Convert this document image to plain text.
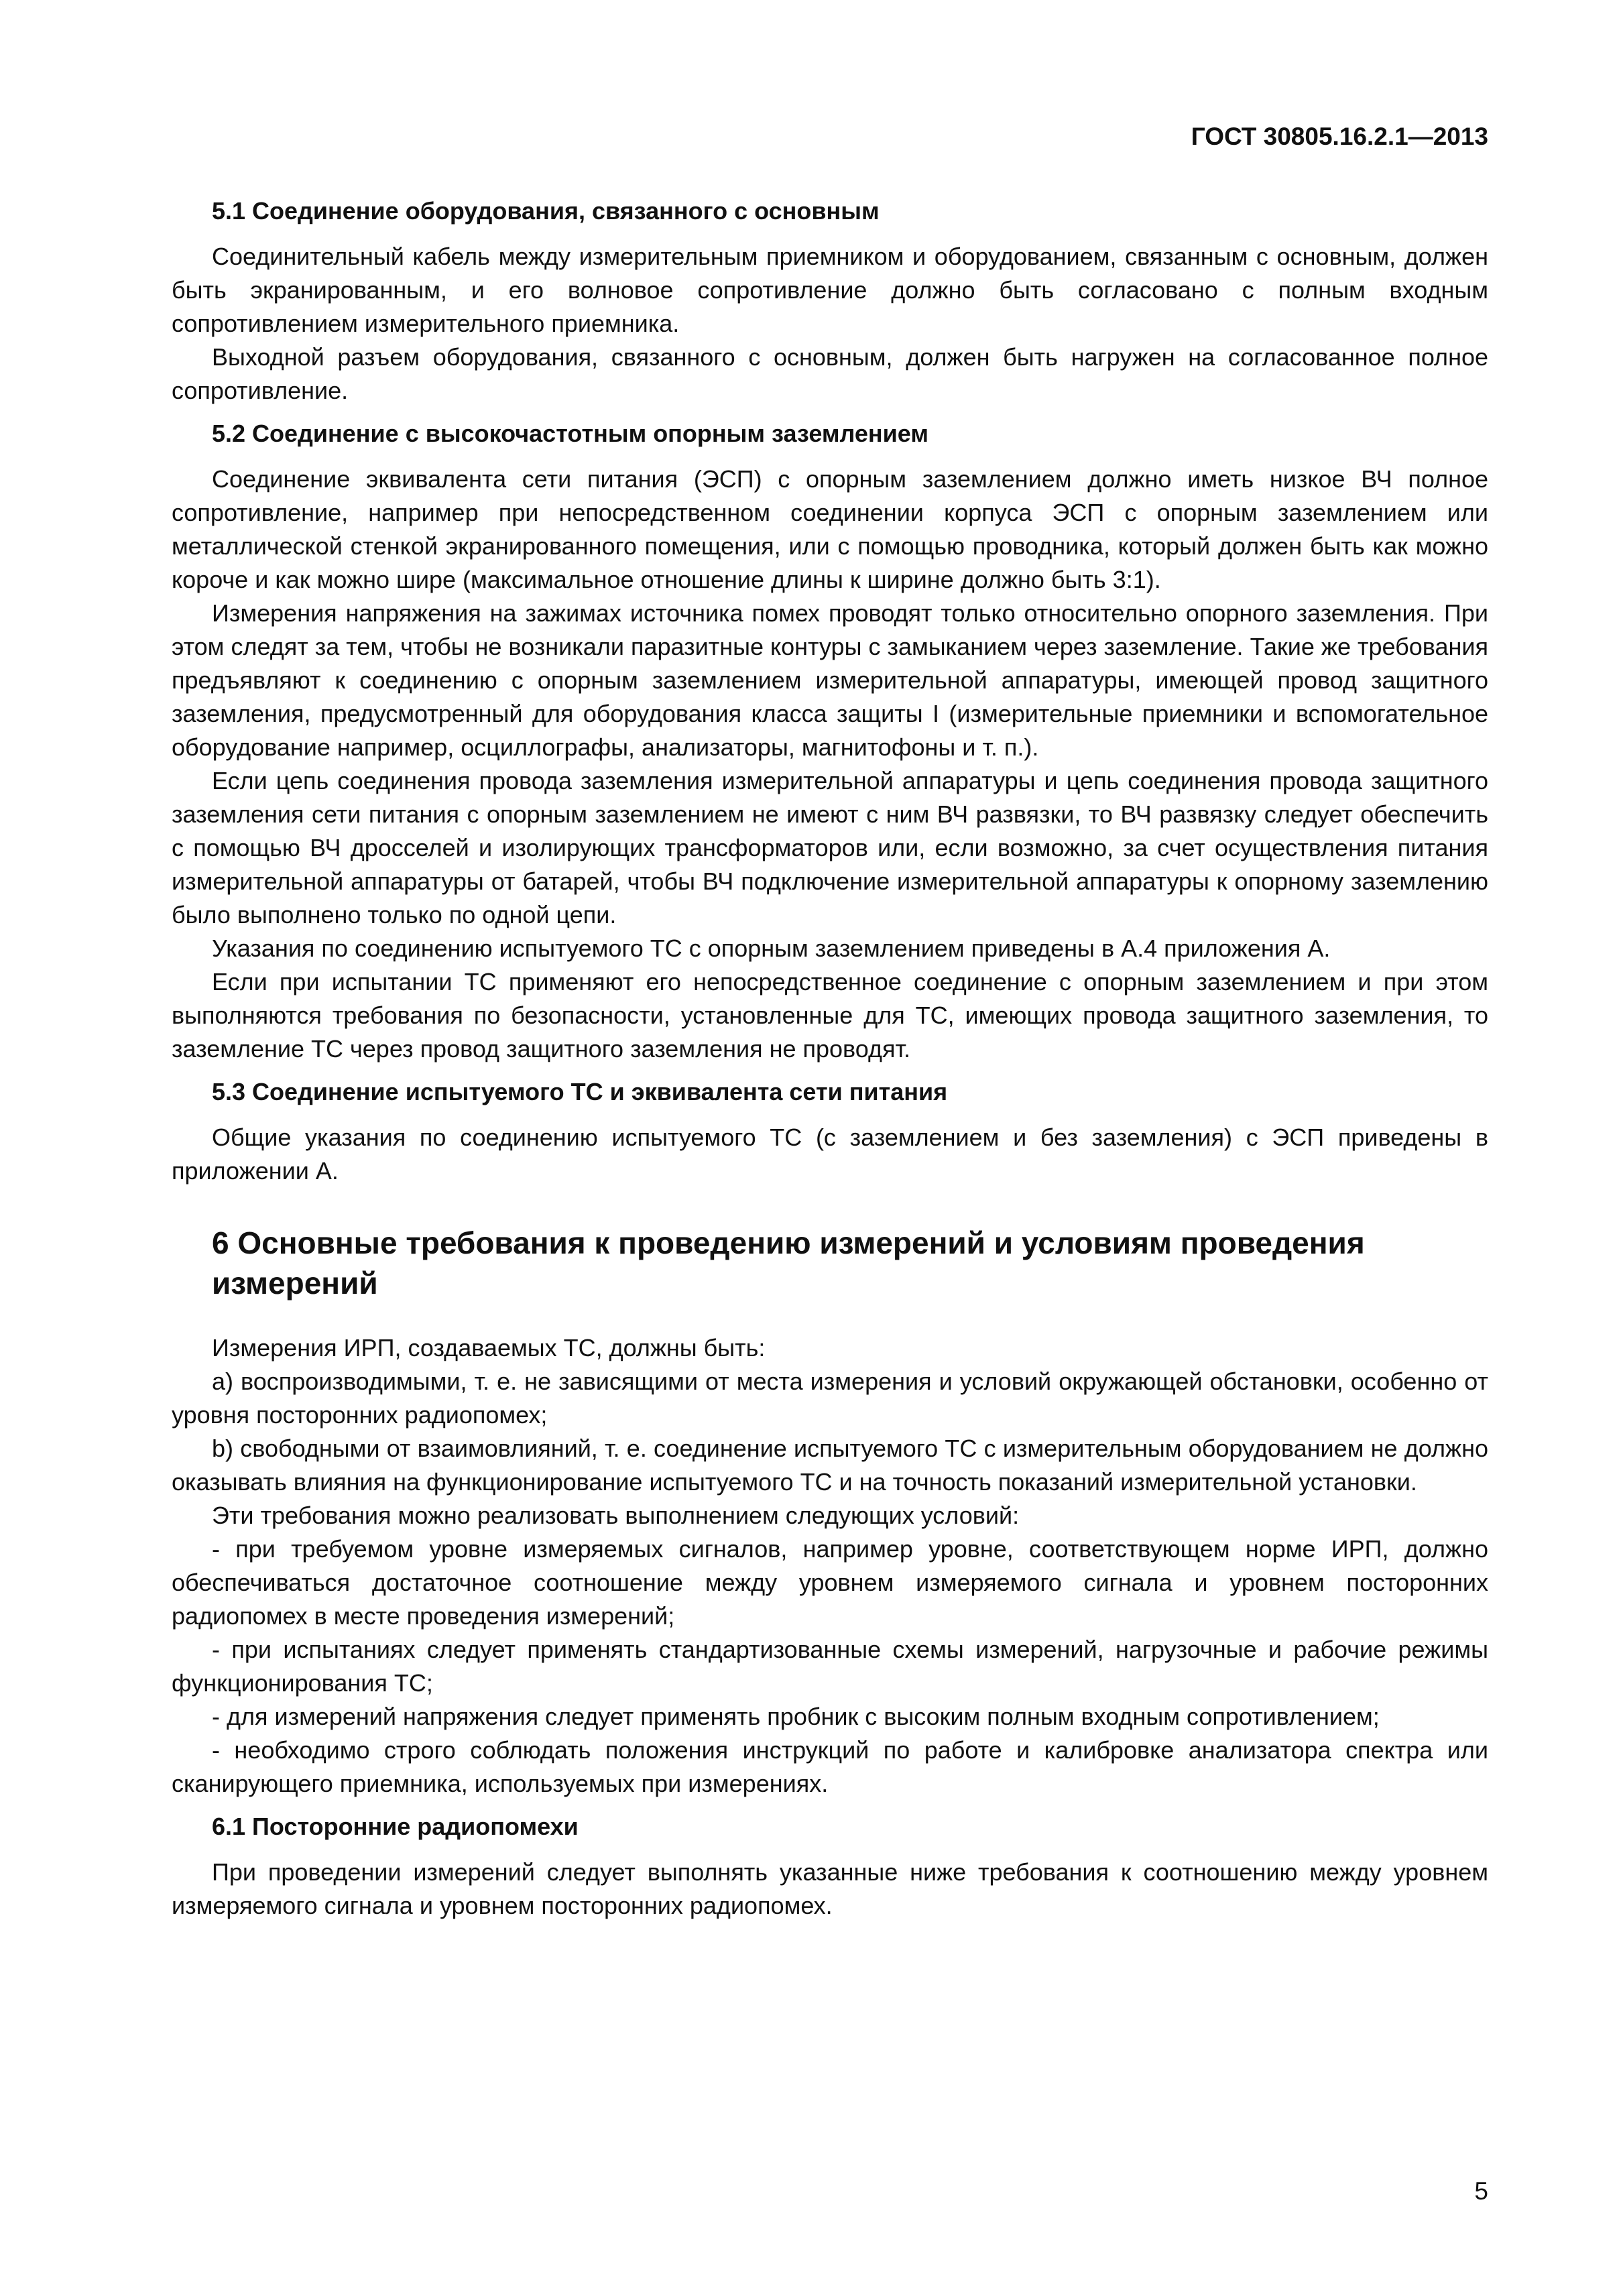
ГОСТ 30805.16.2.1—2013
5.1 Соединение оборудования, связанного с основным

Соединительный кабель между измерительным приемником и оборудованием, связанным с основным, должен быть экранированным, и его волновое сопротивление должно быть согласовано с полным входным сопротивлением измерительного приемника.

Выходной разъем оборудования, связанного с основным, должен быть нагружен на согласованное полное сопротивление.

5.2 Соединение с высокочастотным опорным заземлением

Соединение эквивалента сети питания (ЭСП) с опорным заземлением должно иметь низкое ВЧ полное сопротивление, например при непосредственном соединении корпуса ЭСП с опорным заземлением или металлической стенкой экранированного помещения, или с помощью проводника, который должен быть как можно короче и как можно шире (максимальное отношение длины к ширине должно быть 3:1).

Измерения напряжения на зажимах источника помех проводят только относительно опорного заземления. При этом следят за тем, чтобы не возникали паразитные контуры с замыканием через заземление. Такие же требования предъявляют к соединению с опорным заземлением измерительной аппаратуры, имеющей провод защитного заземления, предусмотренный для оборудования класса защиты I (измерительные приемники и вспомогательное оборудование например, осциллографы, анализаторы, магнитофоны и т. п.).

Если цепь соединения провода заземления измерительной аппаратуры и цепь соединения провода защитного заземления сети питания с опорным заземлением не имеют с ним ВЧ развязки, то ВЧ развязку следует обеспечить с помощью ВЧ дросселей и изолирующих трансформаторов или, если возможно, за счет осуществления питания измерительной аппаратуры от батарей, чтобы ВЧ подключение измерительной аппаратуры к опорному заземлению было выполнено только по одной цепи.

Указания по соединению испытуемого ТС с опорным заземлением приведены в А.4 приложения А.

Если при испытании ТС применяют его непосредственное соединение с опорным заземлением и при этом выполняются требования по безопасности, установленные для ТС, имеющих провода защитного заземления, то заземление ТС через провод защитного заземления не проводят.

5.3 Соединение испытуемого ТС и эквивалента сети питания

Общие указания по соединению испытуемого ТС (с заземлением и без заземления) с ЭСП приведены в приложении А.

6 Основные требования к проведению измерений и условиям проведения измерений

Измерения ИРП, создаваемых ТС, должны быть:

a) воспроизводимыми, т. е. не зависящими от места измерения и условий окружающей обстановки, особенно от уровня посторонних радиопомех;

b) свободными от взаимовлияний, т. е. соединение испытуемого ТС с измерительным оборудованием не должно оказывать влияния на функционирование испытуемого ТС и на точность показаний измерительной установки.

Эти требования можно реализовать выполнением следующих условий:

- при требуемом уровне измеряемых сигналов, например уровне, соответствующем норме ИРП, должно обеспечиваться достаточное соотношение между уровнем измеряемого сигнала и уровнем посторонних радиопомех в месте проведения измерений;

- при испытаниях следует применять стандартизованные схемы измерений, нагрузочные и рабочие режимы функционирования ТС;

- для измерений напряжения следует применять пробник с высоким полным входным сопротивлением;

- необходимо строго соблюдать положения инструкций по работе и калибровке анализатора спектра или сканирующего приемника, используемых при измерениях.

6.1 Посторонние радиопомехи

При проведении измерений следует выполнять указанные ниже требования к соотношению между уровнем измеряемого сигнала и уровнем посторонних радиопомех.

5
